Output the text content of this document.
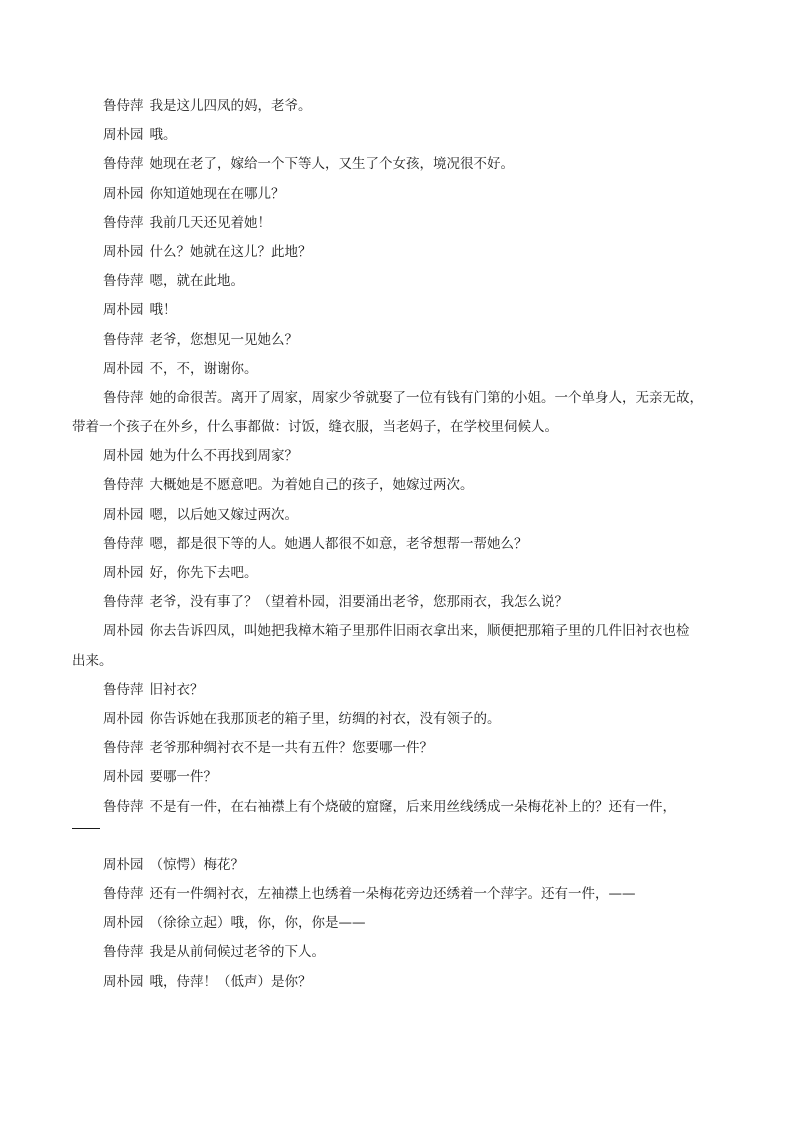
鲁侍萍 我是这儿四凤的妈，老爷。
周朴园 哦。
鲁侍萍 她现在老了，嫁给一个下等人，又生了个女孩，境况很不好。
周朴园 你知道她现在在哪儿？
鲁侍萍 我前几天还见着她！
周朴园 什么？她就在这儿？此地？
鲁侍萍 嗯，就在此地。
周朴园 哦！
鲁侍萍 老爷，您想见一见她么？
周朴园 不，不，谢谢你。
鲁侍萍 她的命很苦。离开了周家，周家少爷就娶了一位有钱有门第的小姐。一个单身人，无亲无故，
带着一个孩子在外乡，什么事都做：讨饭，缝衣服，当老妈子，在学校里伺候人。
周朴园 她为什么不再找到周家？
鲁侍萍 大概她是不愿意吧。为着她自己的孩子，她嫁过两次。
周朴园 嗯，以后她又嫁过两次。
鲁侍萍 嗯，都是很下等的人。她遇人都很不如意，老爷想帮一帮她么？
周朴园 好，你先下去吧。
鲁侍萍 老爷，没有事了？（望着朴园，泪要涌出老爷，您那雨衣，我怎么说？
周朴园 你去告诉四凤，叫她把我樟木箱子里那件旧雨衣拿出来，顺便把那箱子里的几件旧衬衣也检
出来。
鲁侍萍 旧衬衣？
周朴园 你告诉她在我那顶老的箱子里，纺绸的衬衣，没有领子的。
鲁侍萍 老爷那种绸衬衣不是一共有五件？您要哪一件？
周朴园 要哪一件？
鲁侍萍 不是有一件，在右袖襟上有个烧破的窟窿，后来用丝线绣成一朵梅花补上的？还有一件，
周朴园 （惊愕）梅花？
鲁侍萍 还有一件绸衬衣，左袖襟上也绣着一朵梅花旁边还绣着一个萍字。还有一件，——
周朴园 （徐徐立起）哦，你，你，你是——
鲁侍萍 我是从前伺候过老爷的下人。
周朴园 哦，侍萍！（低声）是你？
